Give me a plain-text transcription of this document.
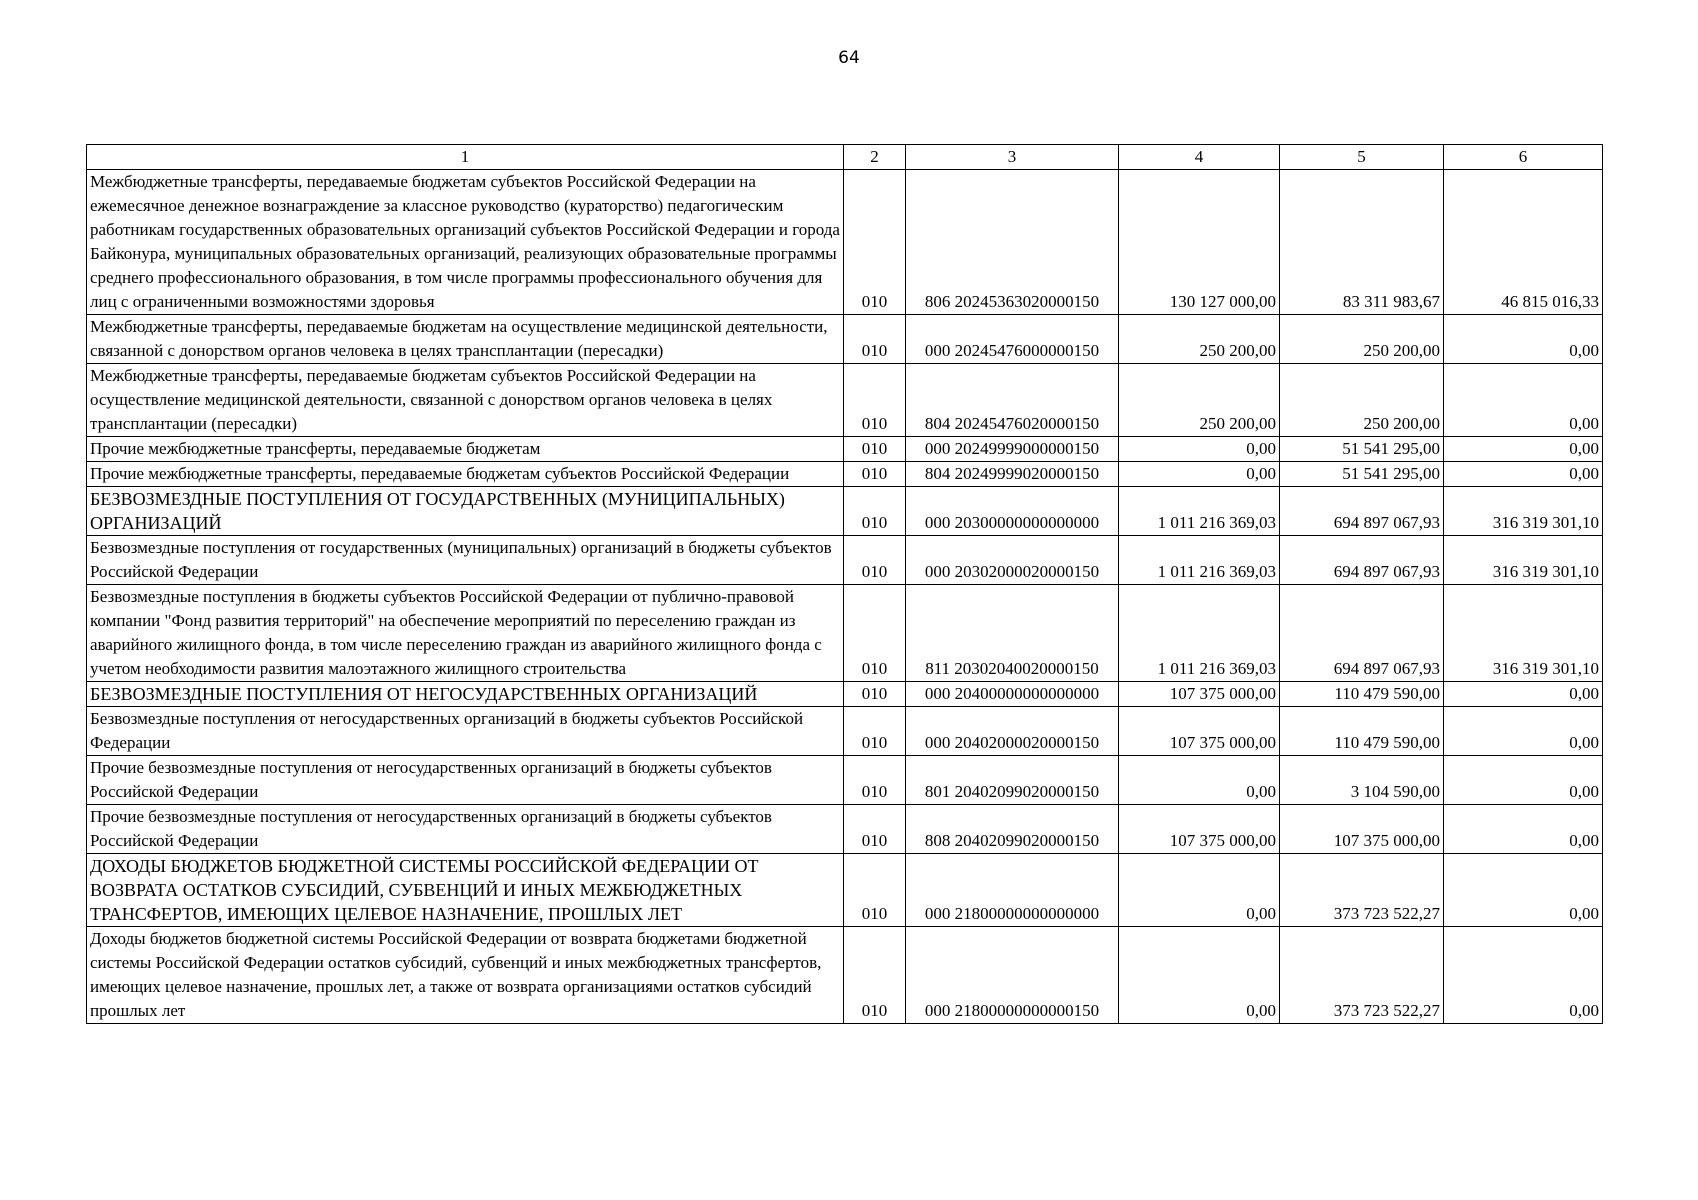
64
1	2	3	4	5	6
Межбюджетные трансферты, передаваемые бюджетам субъектов Российской Федерации на ежемесячное денежное вознаграждение за классное руководство (кураторство) педагогическим работникам государственных образовательных организаций субъектов Российской Федерации и города Байконура, муниципальных образовательных организаций, реализующих образовательные программы среднего профессионального образования, в том числе программы профессионального обучения для лиц с ограниченными возможностями здоровья	010	806 20245363020000150	130 127 000,00	83 311 983,67	46 815 016,33
Межбюджетные трансферты, передаваемые бюджетам на осуществление медицинской деятельности, связанной с донорством органов человека в целях трансплантации (пересадки)	010	000 20245476000000150	250 200,00	250 200,00	0,00
Межбюджетные трансферты, передаваемые бюджетам субъектов Российской Федерации на осуществление медицинской деятельности, связанной с донорством органов человека в целях трансплантации (пересадки)	010	804 20245476020000150	250 200,00	250 200,00	0,00
Прочие межбюджетные трансферты, передаваемые бюджетам	010	000 20249999000000150	0,00	51 541 295,00	0,00
Прочие межбюджетные трансферты, передаваемые бюджетам субъектов Российской Федерации	010	804 20249999020000150	0,00	51 541 295,00	0,00
БЕЗВОЗМЕЗДНЫЕ ПОСТУПЛЕНИЯ ОТ ГОСУДАРСТВЕННЫХ (МУНИЦИПАЛЬНЫХ) ОРГАНИЗАЦИЙ	010	000 20300000000000000	1 011 216 369,03	694 897 067,93	316 319 301,10
Безвозмездные поступления от государственных (муниципальных) организаций в бюджеты субъектов Российской Федерации	010	000 20302000020000150	1 011 216 369,03	694 897 067,93	316 319 301,10
Безвозмездные поступления в бюджеты субъектов Российской Федерации от публично-правовой компании "Фонд развития территорий" на обеспечение мероприятий по переселению граждан из аварийного жилищного фонда, в том числе переселению граждан из аварийного жилищного фонда с учетом необходимости развития малоэтажного жилищного строительства	010	811 20302040020000150	1 011 216 369,03	694 897 067,93	316 319 301,10
БЕЗВОЗМЕЗДНЫЕ ПОСТУПЛЕНИЯ ОТ НЕГОСУДАРСТВЕННЫХ ОРГАНИЗАЦИЙ	010	000 20400000000000000	107 375 000,00	110 479 590,00	0,00
Безвозмездные поступления от негосударственных организаций в бюджеты субъектов Российской Федерации	010	000 20402000020000150	107 375 000,00	110 479 590,00	0,00
Прочие безвозмездные поступления от негосударственных организаций в бюджеты субъектов Российской Федерации	010	801 20402099020000150	0,00	3 104 590,00	0,00
Прочие безвозмездные поступления от негосударственных организаций в бюджеты субъектов Российской Федерации	010	808 20402099020000150	107 375 000,00	107 375 000,00	0,00
ДОХОДЫ БЮДЖЕТОВ БЮДЖЕТНОЙ СИСТЕМЫ РОССИЙСКОЙ ФЕДЕРАЦИИ ОТ ВОЗВРАТА ОСТАТКОВ СУБСИДИЙ, СУБВЕНЦИЙ И ИНЫХ МЕЖБЮДЖЕТНЫХ ТРАНСФЕРТОВ, ИМЕЮЩИХ ЦЕЛЕВОЕ НАЗНАЧЕНИЕ, ПРОШЛЫХ ЛЕТ	010	000 21800000000000000	0,00	373 723 522,27	0,00
Доходы бюджетов бюджетной системы Российской Федерации от возврата бюджетами бюджетной системы Российской Федерации остатков субсидий, субвенций и иных межбюджетных трансфертов, имеющих целевое назначение, прошлых лет, а также от возврата организациями остатков субсидий прошлых лет	010	000 21800000000000150	0,00	373 723 522,27	0,00
